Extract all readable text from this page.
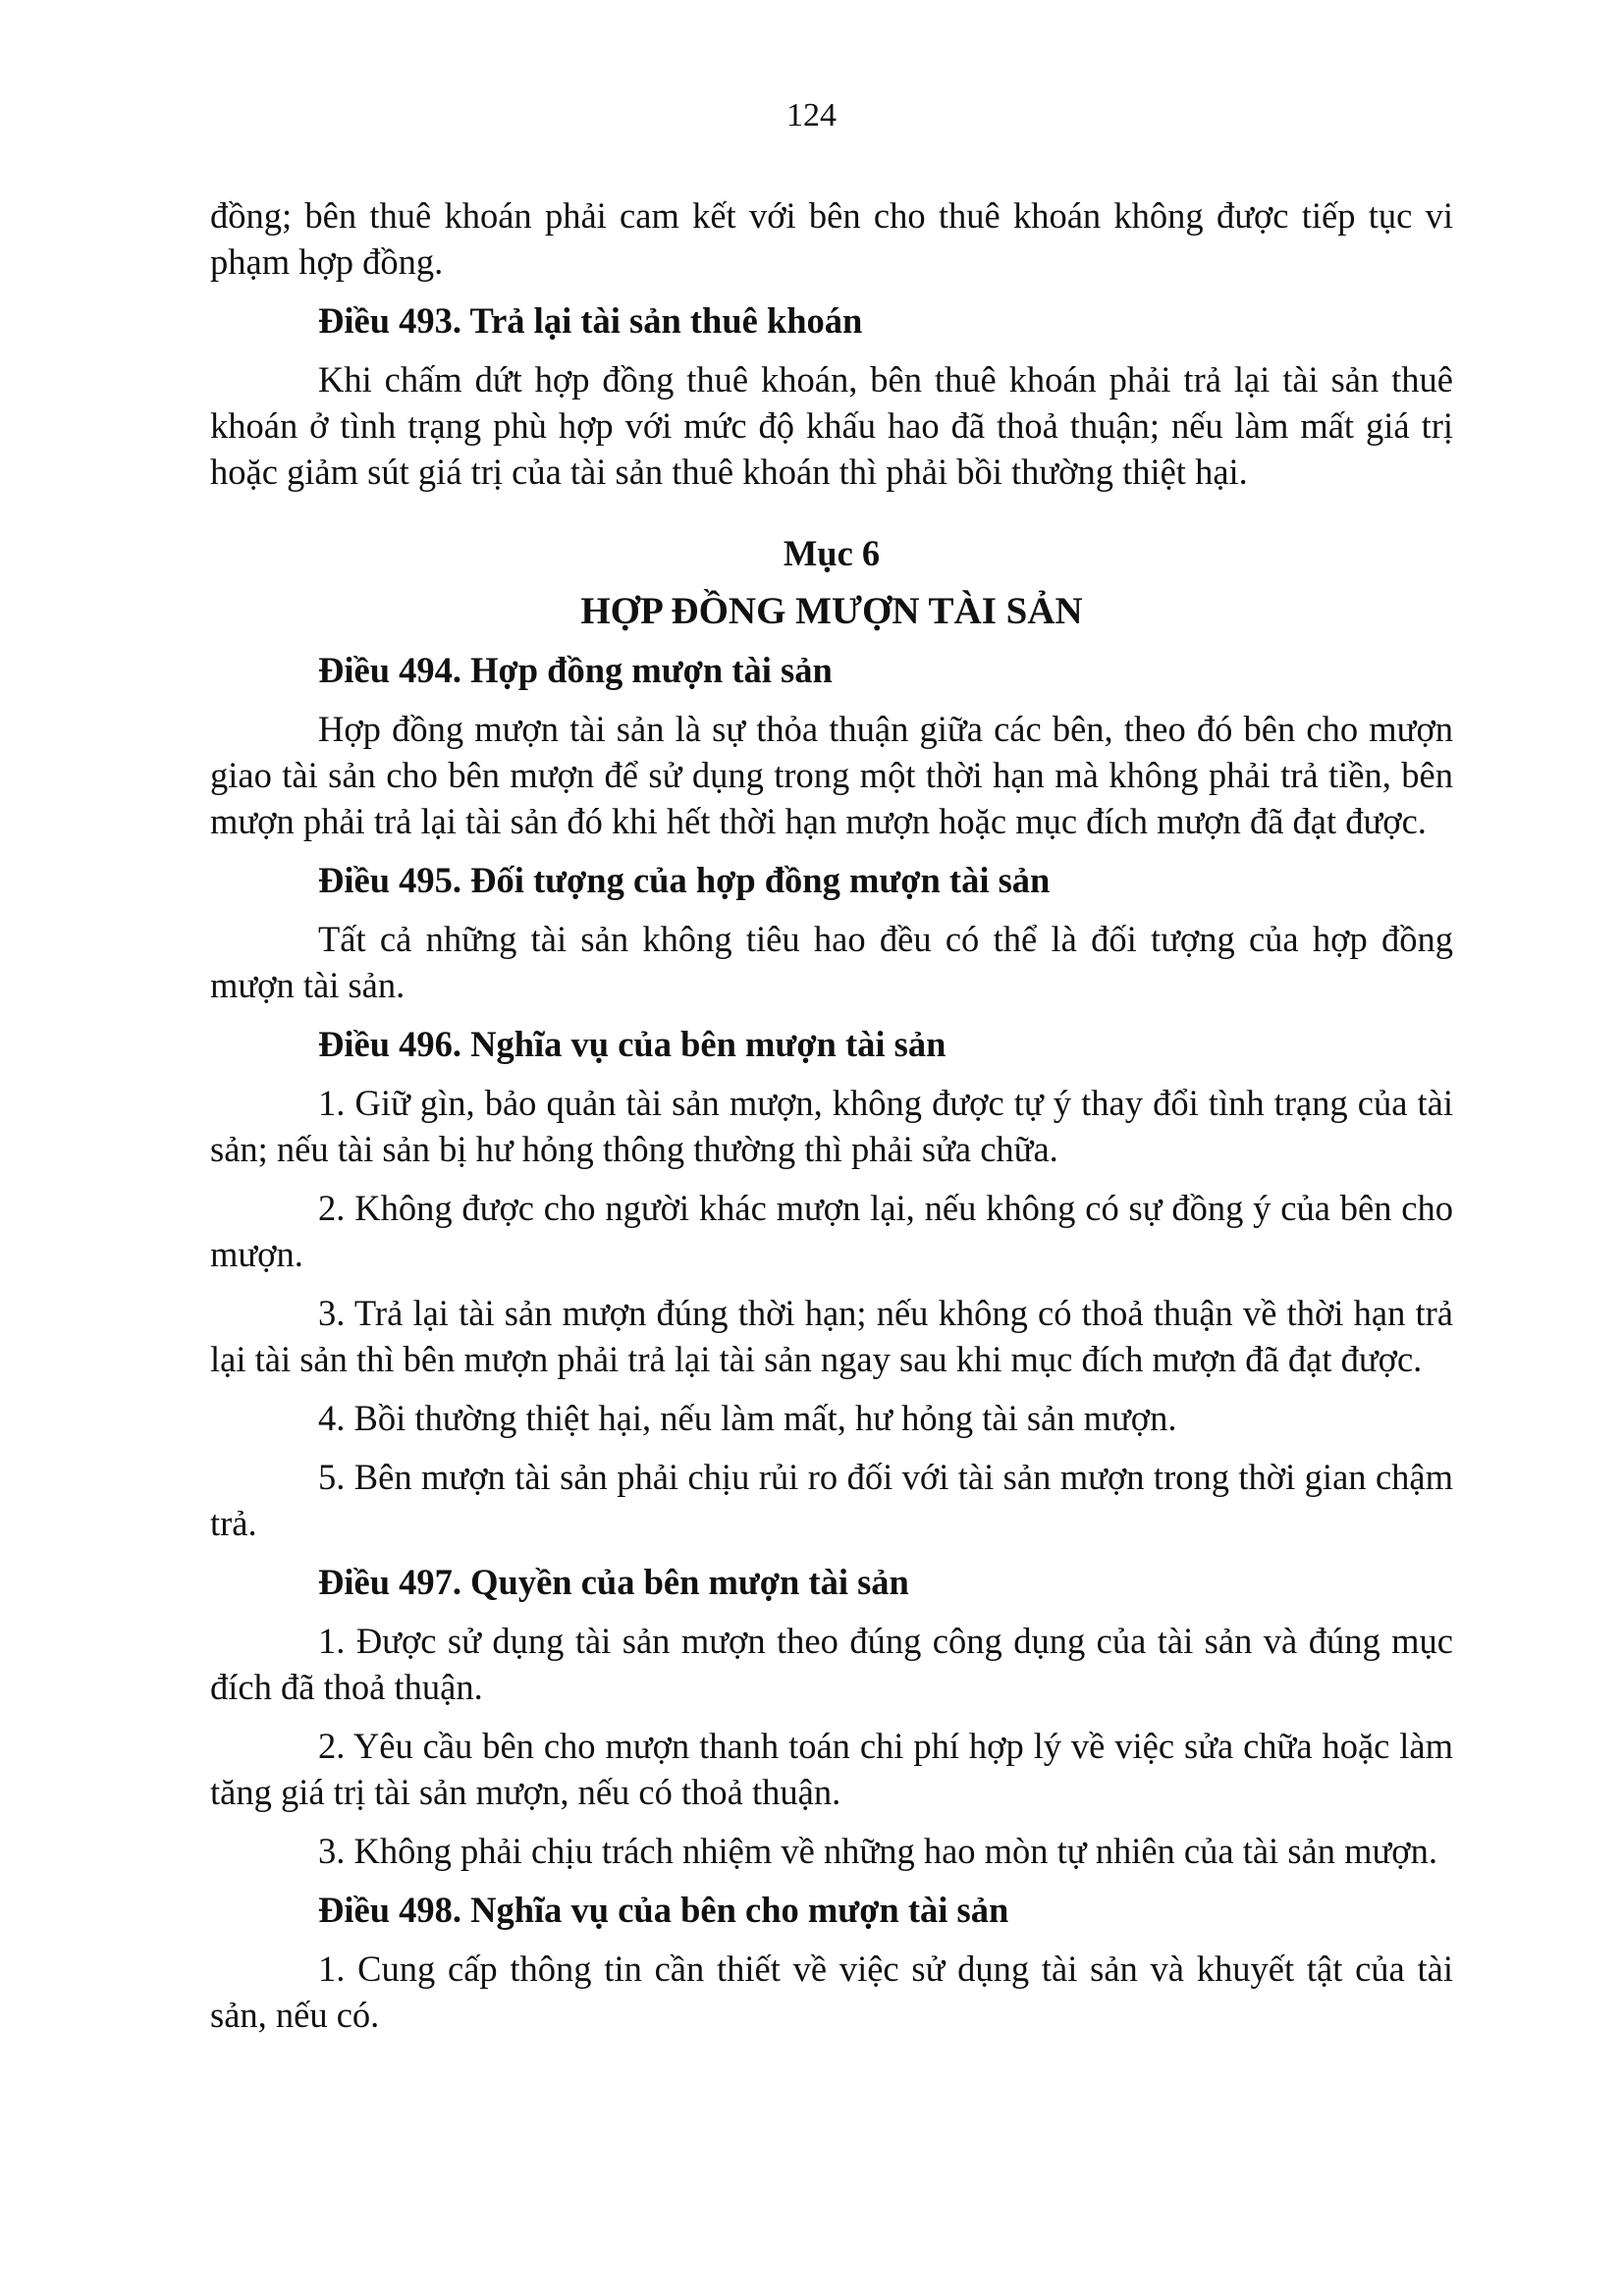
124

đồng; bên thuê khoán phải cam kết với bên cho thuê khoán không được tiếp tục vi phạm hợp đồng.

Điều 493. Trả lại tài sản thuê khoán

Khi chấm dứt hợp đồng thuê khoán, bên thuê khoán phải trả lại tài sản thuê khoán ở tình trạng phù hợp với mức độ khấu hao đã thoả thuận; nếu làm mất giá trị hoặc giảm sút giá trị của tài sản thuê khoán thì phải bồi thường thiệt hại.

Mục 6

HỢP ĐỒNG MƯỢN TÀI SẢN

Điều 494. Hợp đồng mượn tài sản

Hợp đồng mượn tài sản là sự thỏa thuận giữa các bên, theo đó bên cho mượn giao tài sản cho bên mượn để sử dụng trong một thời hạn mà không phải trả tiền, bên mượn phải trả lại tài sản đó khi hết thời hạn mượn hoặc mục đích mượn đã đạt được.

Điều 495. Đối tượng của hợp đồng mượn tài sản

Tất cả những tài sản không tiêu hao đều có thể là đối tượng của hợp đồng mượn tài sản.

Điều 496. Nghĩa vụ của bên mượn tài sản

1. Giữ gìn, bảo quản tài sản mượn, không được tự ý thay đổi tình trạng của tài sản; nếu tài sản bị hư hỏng thông thường thì phải sửa chữa.

2. Không được cho người khác mượn lại, nếu không có sự đồng ý của bên cho mượn.

3. Trả lại tài sản mượn đúng thời hạn; nếu không có thoả thuận về thời hạn trả lại tài sản thì bên mượn phải trả lại tài sản ngay sau khi mục đích mượn đã đạt được.

4. Bồi thường thiệt hại, nếu làm mất, hư hỏng tài sản mượn.

5. Bên mượn tài sản phải chịu rủi ro đối với tài sản mượn trong thời gian chậm trả.

Điều 497. Quyền của bên mượn tài sản

1. Được sử dụng tài sản mượn theo đúng công dụng của tài sản và đúng mục đích đã thoả thuận.

2. Yêu cầu bên cho mượn thanh toán chi phí hợp lý về việc sửa chữa hoặc làm tăng giá trị tài sản mượn, nếu có thoả thuận.

3. Không phải chịu trách nhiệm về những hao mòn tự nhiên của tài sản mượn.

Điều 498. Nghĩa vụ của bên cho mượn tài sản

1. Cung cấp thông tin cần thiết về việc sử dụng tài sản và khuyết tật của tài sản, nếu có.
